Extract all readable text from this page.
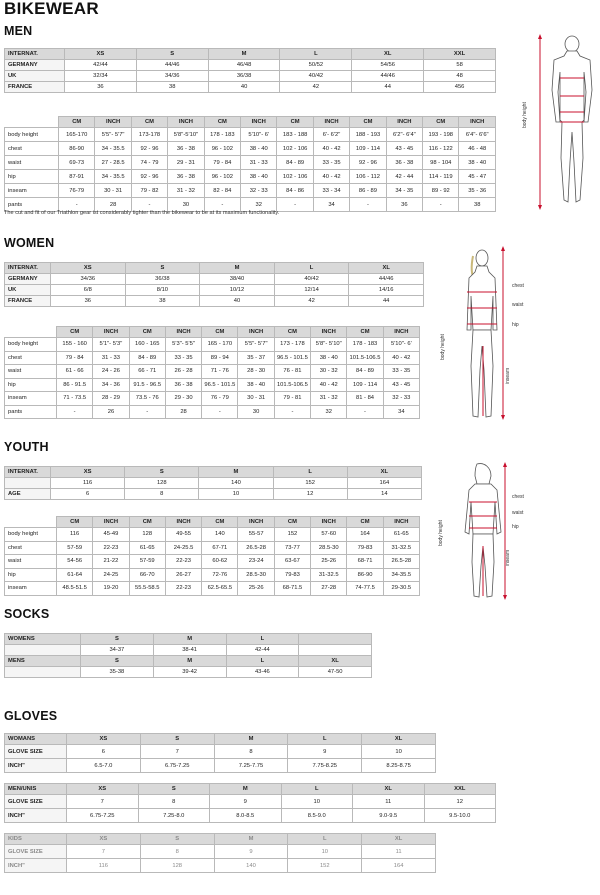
BIKEWEAR
MEN
INTERNAT.	XS	S	M	L	XL	XXL
GERMANY	42/44	44/46	46/48	50/52	54/56	58
UK	32/34	34/36	36/38	40/42	44/46	48
FRANCE	36	38	40	42	44	456
	CM	INCH	CM	INCH	CM	INCH	CM	INCH	CM	INCH	CM	INCH
body height	165-170	5'5"- 5'7"	173-178	5'8"-5'10"	178 - 183	5'10"- 6'	183 - 188	6'- 6'2"	188 - 193	6'2"- 6'4"	193 - 198	6'4"- 6'6"
chest	86-90	34 - 35.5	92 - 96	36 - 38	96 - 102	38 - 40	102 - 106	40 - 42	109 - 114	43 - 45	116 - 122	46 - 48
waist	69-73	27 - 28.5	74 - 79	29 - 31	79 - 84	31 - 33	84 - 89	33 - 35	92 - 96	36 - 38	98 - 104	38 - 40
hip	87-91	34 - 35.5	92 - 96	36 - 38	96 - 102	38 - 40	102 - 106	40 - 42	106 - 112	42 - 44	114 - 119	45 - 47
inseam	76-79	30 - 31	79 - 82	31 - 32	82 - 84	32 - 33	84 - 86	33 - 34	86 - 89	34 - 35	89 - 92	35 - 36
pants	-	28	-	30	-	32	-	34	-	36	-	38
The cut and fit of our Triathlon gear ist considerably tighter than the bikewear to be at its maximum functionality.
body height
WOMEN
INTERNAT.	XS	S	M	L	XL
GERMANY	34/36	36/38	38/40	40/42	44/46
UK	6/8	8/10	10/12	12/14	14/16
FRANCE	36	38	40	42	44
	CM	INCH	CM	INCH	CM	INCH	CM	INCH	CM	INCH
body height	155 - 160	5'1"- 5'3"	160 - 165	5'3"- 5'5"	165 - 170	5'5"- 5'7"	173 - 178	5'8"- 5'10"	178 - 183	5'10"- 6'
chest	79 - 84	31 - 33	84 - 89	33 - 35	89 - 94	35 - 37	96.5 - 101.5	38 - 40	101.5-106.5	40 - 42
waist	61 - 66	24 - 26	66 - 71	26 - 28	71 - 76	28 - 30	76 - 81	30 - 32	84 - 89	33 - 35
hip	86 - 91.5	34 - 36	91.5 - 96.5	36 - 38	96.5 - 101.5	38 - 40	101.5-106.5	40 - 42	109 - 114	43 - 45
inseam	71 - 73.5	28 - 29	73.5 - 76	29 - 30	76 - 79	30 - 31	79 - 81	31 - 32	81 - 84	32 - 33
pants	-	26	-	28	-	30	-	32	-	34
chest
waist
hip
body height
inseam
YOUTH
INTERNAT.	XS	S	M	L	XL
	116	128	140	152	164
AGE	6	8	10	12	14
	CM	INCH	CM	INCH	CM	INCH	CM	INCH	CM	INCH
body height	116	45-49	128	49-55	140	55-57	152	57-60	164	61-65
chest	57-59	22-23	61-65	24-25.5	67-71	26.5-28	73-77	28.5-30	79-83	31-32.5
waist	54-56	21-22	57-59	22-23	60-62	23-24	63-67	25-26	68-71	26.5-28
hip	61-64	24-25	66-70	26-27	72-76	28.5-30	79-83	31-32.5	86-90	34-35.5
inseam	48.5-51.5	19-20	55.5-58.5	22-23	62.5-65.5	25-26	68-71.5	27-28	74-77.5	29-30.5
chest
waist
hip
body height
inseam
SOCKS
WOMENS	S	M	L	
	34-37	38-41	42-44	
MENS	S	M	L	XL
	35-38	39-42	43-46	47-50
GLOVES
WOMANS	XS	S	M	L	XL
GLOVE SIZE	6	7	8	9	10
INCH"	6.5-7.0	6.75-7.25	7.25-7.75	7.75-8.25	8.25-8.75
MEN/UNIS	XS	S	M	L	XL	XXL
GLOVE SIZE	7	8	9	10	11	12
INCH"	6.75-7.25	7.25-8.0	8.0-8.5	8.5-9.0	9.0-9.5	9.5-10.0
KIDS	XS	S	M	L	XL
GLOVE SIZE	7	8	9	10	11
INCH"	116	128	140	152	164
